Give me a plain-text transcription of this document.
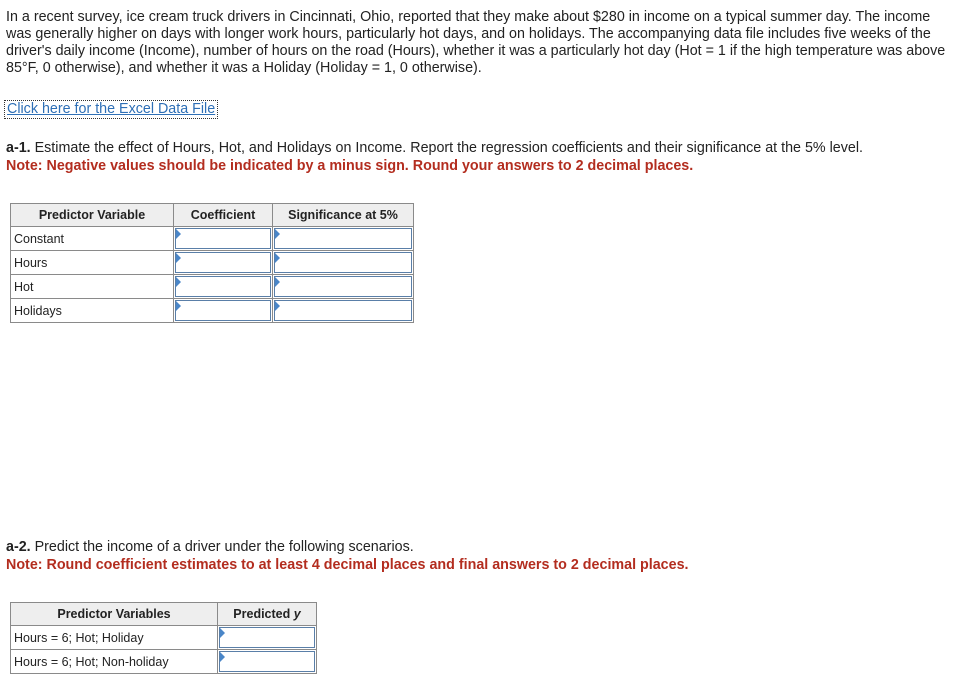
In a recent survey, ice cream truck drivers in Cincinnati, Ohio, reported that they make about $280 in income on a typical summer day. The income was generally higher on days with longer work hours, particularly hot days, and on holidays. The accompanying data file includes five weeks of the driver's daily income (Income), number of hours on the road (Hours), whether it was a particularly hot day (Hot = 1 if the high temperature was above 85°F, 0 otherwise), and whether it was a Holiday (Holiday = 1, 0 otherwise).
Click here for the Excel Data File
a-1. Estimate the effect of Hours, Hot, and Holidays on Income. Report the regression coefficients and their significance at the 5% level.
Note: Negative values should be indicated by a minus sign. Round your answers to 2 decimal places.
Predictor Variable	Coefficient	Significance at 5%
Constant	

Hours	

Hot	

Holidays	

a-2. Predict the income of a driver under the following scenarios.
Note: Round coefficient estimates to at least 4 decimal places and final answers to 2 decimal places.
Predictor Variables	Predicted y
Hours = 6; Hot; Holiday	

Hours = 6; Hot; Non-holiday	
